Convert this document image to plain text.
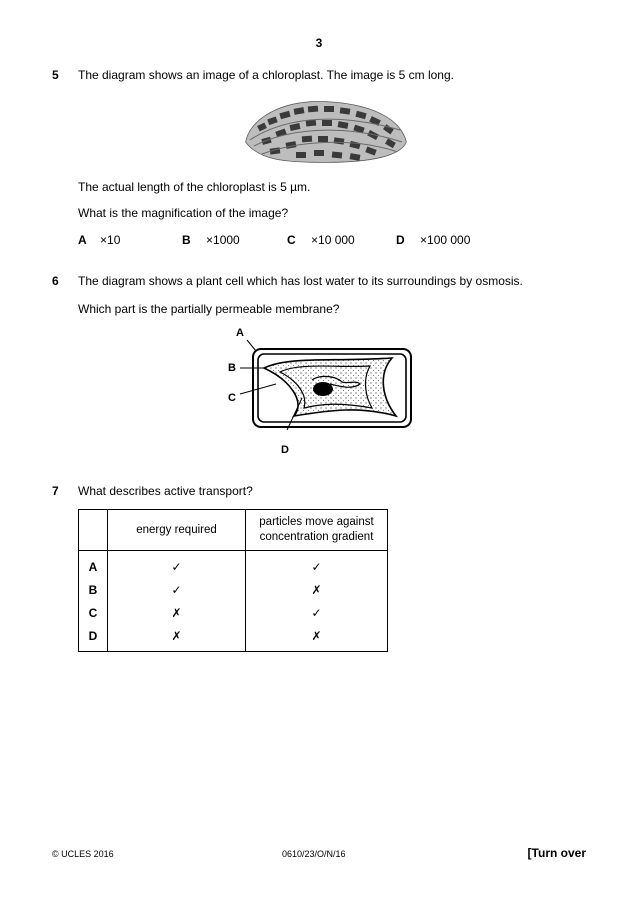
3
5 The diagram shows an image of a chloroplast. The image is 5 cm long.
The actual length of the chloroplast is 5 µm.
What is the magnification of the image?
A ×10	B ×1000	C ×10 000	D ×100 000
6 The diagram shows a plant cell which has lost water to its surroundings by osmosis.
Which part is the partially permeable membrane?
A
B
C
D
7 What describes active transport?
	energy required	particles move against
concentration gradient
A	✓	✓
B	✓	✗
C	✗	✓
D	✗	✗
© UCLES 2016	0610/23/O/N/16	[Turn over
